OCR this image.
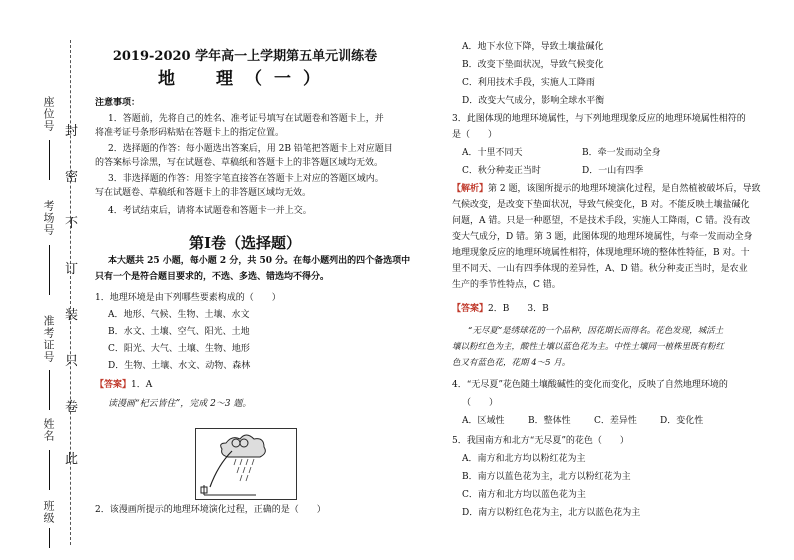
封
密
不
订
装
只
卷
此
座位号
考场号
准考证号
姓名
班级
2019-2020 学年高一上学期第五单元训练卷
地　理（一）
注意事项：
1．答题前，先将自己的姓名、准考证号填写在试题卷和答题卡上，并
将准考证号条形码粘贴在答题卡上的指定位置。
2．选择题的作答：每小题选出答案后，用 2B 铅笔把答题卡上对应题目
的答案标号涂黑，写在试题卷、草稿纸和答题卡上的非答题区域均无效。
3．非选择题的作答：用签字笔直接答在答题卡上对应的答题区域内。
写在试题卷、草稿纸和答题卡上的非答题区域均无效。
4．考试结束后，请将本试题卷和答题卡一并上交。
第Ⅰ卷（选择题）
本大题共 25 小题，每小题 2 分，共 50 分。在每小题列出的四个备选项中
只有一个是符合题目要求的，不选、多选、错选均不得分。
1．地理环境是由下列哪些要素构成的（　　）
A．地形、气候、生物、土壤、水文
B．水文、土壤、空气、阳光、土地
C．阳光、大气、土壤、生物、地形
D．生物、土壤、水文、动物、森林
【答案】1．A
读漫画“杞云皆住”，完成 2～3 题。
2．该漫画所提示的地理环境演化过程，正确的是（　　）
A．地下水位下降，导致土壤盐碱化
B．改变下垫面状况，导致气候变化
C．利用技术手段，实施人工降雨
D．改变大气成分，影响全球水平衡
3．此图体现的地理环境属性，与下列地理现象反应的地理环境属性相符的
是（　　）
A．十里不同天	B．牵一发而动全身
C．秋分种麦正当时	D．一山有四季
【解析】第 2 题，该图所提示的地理环境演化过程，是自然植被破坏后，导致
气候改变，是改变下垫面状况，导致气候变化，B 对。不能反映土壤盐碱化
问题，A 错。只是一种愿望，不是技术手段，实施人工降雨，C 错。没有改
变大气成分，D 错。第 3 题，此图体现的地理环境属性，与牵一发而动全身
地理现象反应的地理环境属性相符，体现地理环境的整体性特征，B 对。十
里不同天、一山有四季体现的差异性，A、D 错。秋分种麦正当时，是农业
生产的季节性特点，C 错。
【答案】2．B　　3．B
“无尽夏”是绣球花的一个品种，因花期长而得名。花色发现，城活土
壤以粉红色为主，酸性土壤以蓝色花为主。中性土壤同一植株里既有粉红
色又有蓝色花，花期 4～5 月。
4．“无尽夏”花色随土壤酸碱性的变化而变化，反映了自然地理环境的
（　　）
A．区域性	B．整体性	C．差异性	D．变化性
5．我国南方和北方“无尽夏”的花色（　　）
A．南方和北方均以粉红花为主
B．南方以蓝色花为主，北方以粉红花为主
C．南方和北方均以蓝色花为主
D．南方以粉红色花为主，北方以蓝色花为主
